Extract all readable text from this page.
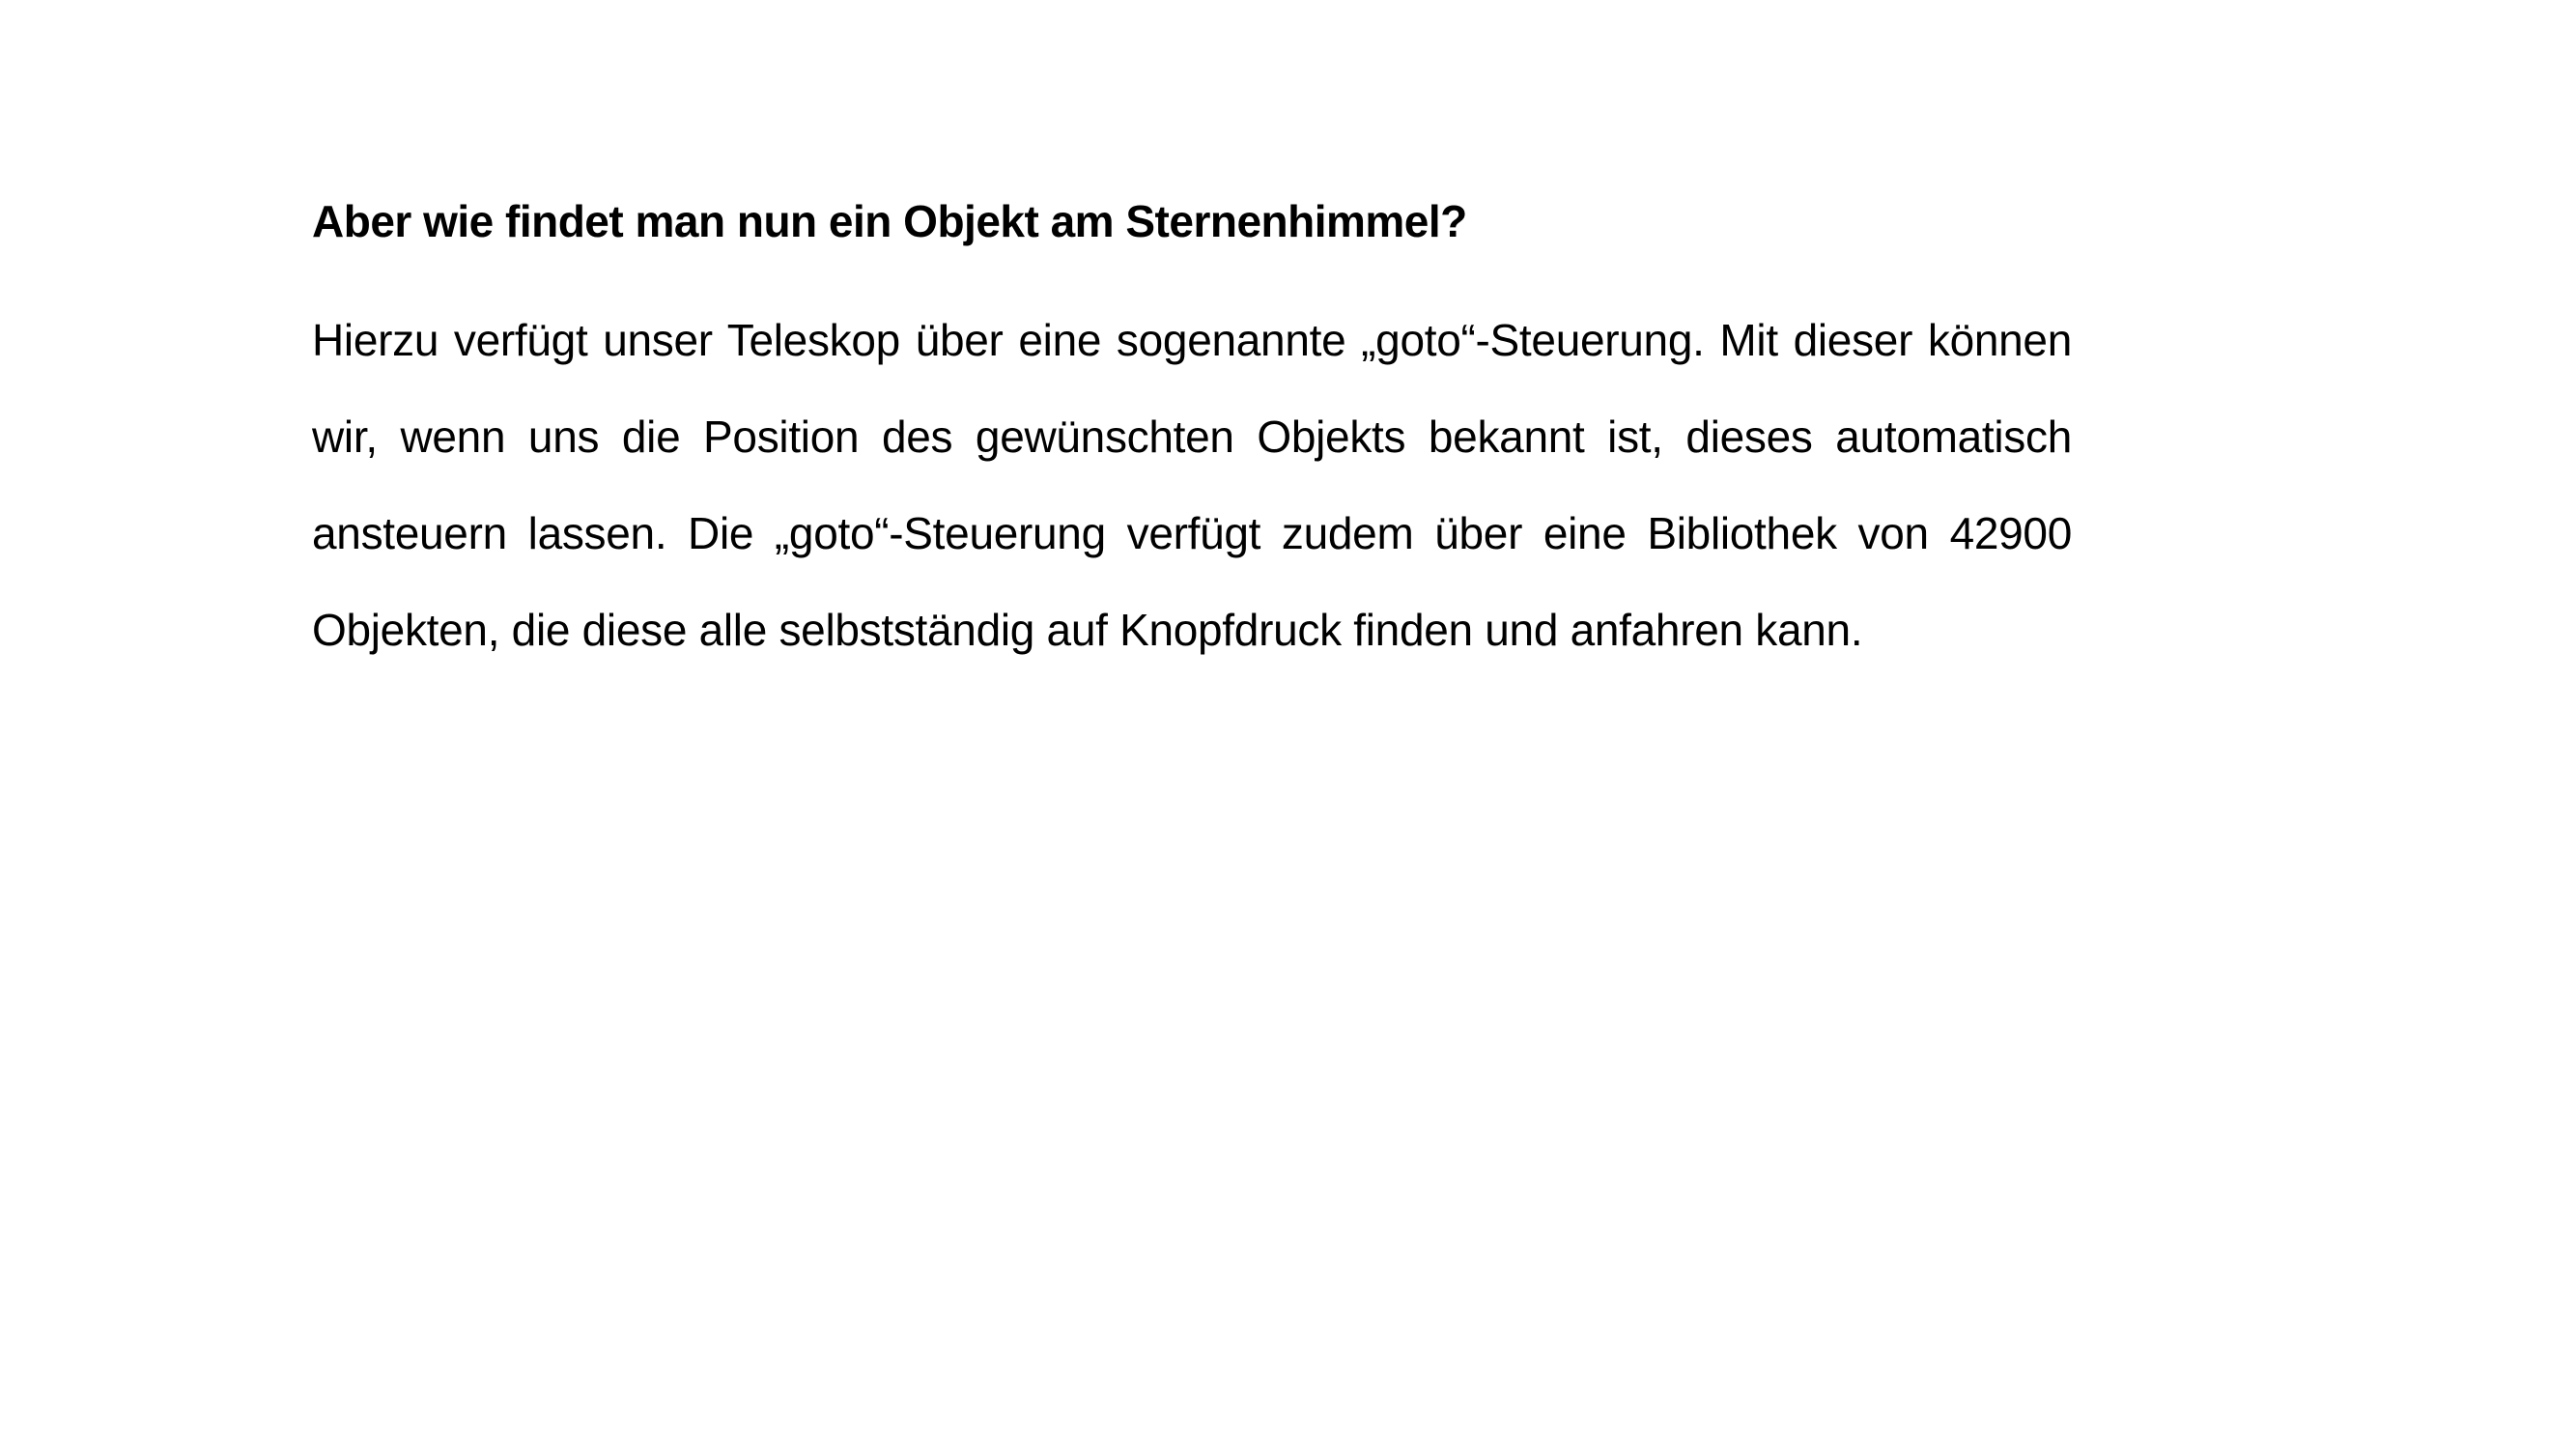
Aber wie findet man nun ein Objekt am Sternenhimmel?

Hierzu verfügt unser Teleskop über eine sogenannte „goto“-Steuerung. Mit dieser können wir, wenn uns die Position des gewünschten Objekts bekannt ist, dieses automatisch ansteuern lassen. Die „goto“-Steuerung verfügt zudem über eine Bibliothek von 42900 Objekten, die diese alle selbstständig auf Knopfdruck finden und anfahren kann.
